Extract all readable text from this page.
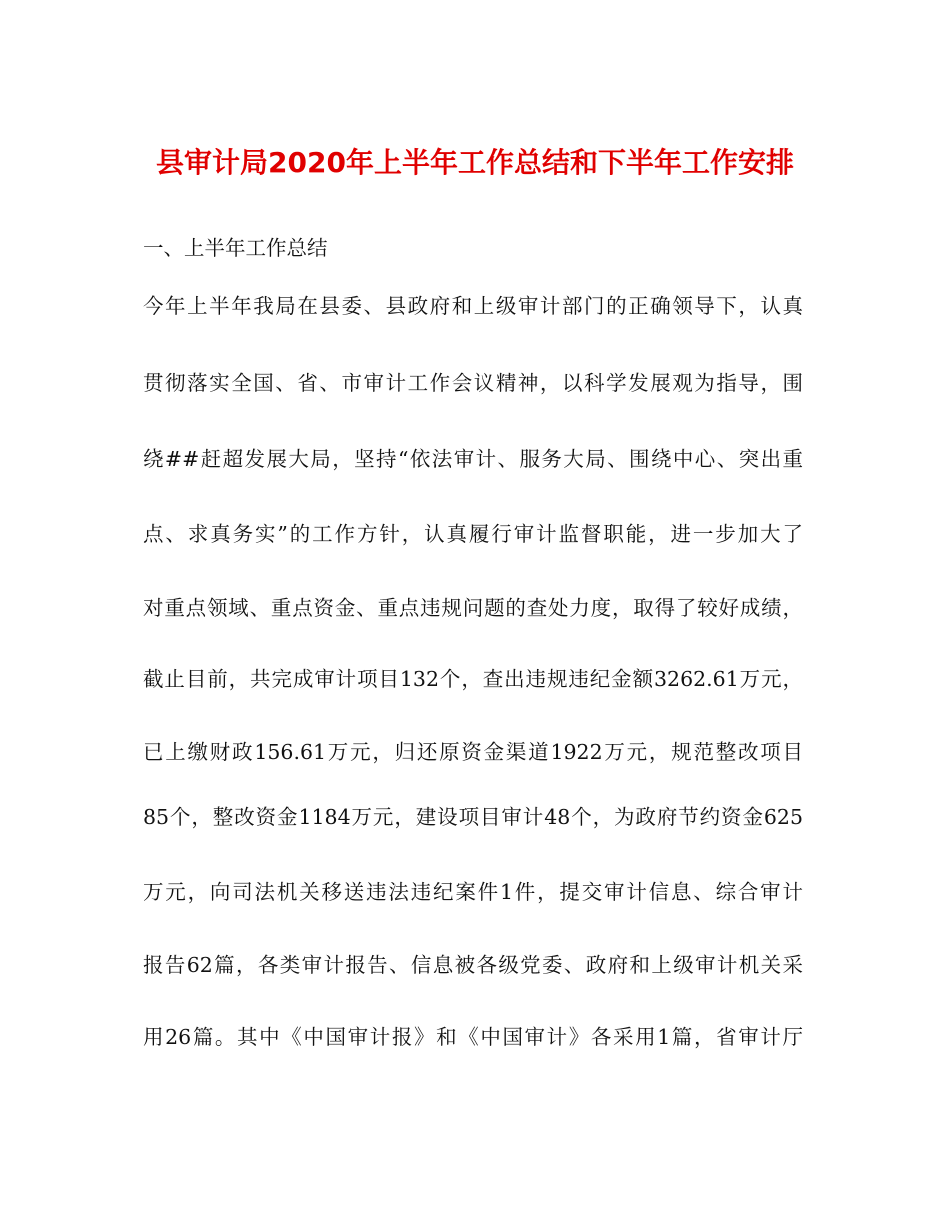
县审计局2020年上半年工作总结和下半年工作安排
一、上半年工作总结
今年上半年我局在县委、县政府和上级审计部门的正确领导下，认真
贯彻落实全国、省、市审计工作会议精神，以科学发展观为指导，围
绕##赶超发展大局，坚持“依法审计、服务大局、围绕中心、突出重
点、求真务实”的工作方针，认真履行审计监督职能，进一步加大了
对重点领域、重点资金、重点违规问题的查处力度，取得了较好成绩，
截止目前，共完成审计项目132个，查出违规违纪金额3262.61万元，
已上缴财政156.61万元，归还原资金渠道1922万元，规范整改项目
85个，整改资金1184万元，建设项目审计48个，为政府节约资金625
万元，向司法机关移送违法违纪案件1件，提交审计信息、综合审计
报告62篇，各类审计报告、信息被各级党委、政府和上级审计机关采
用26篇。其中《中国审计报》和《中国审计》各采用1篇，省审计厅
